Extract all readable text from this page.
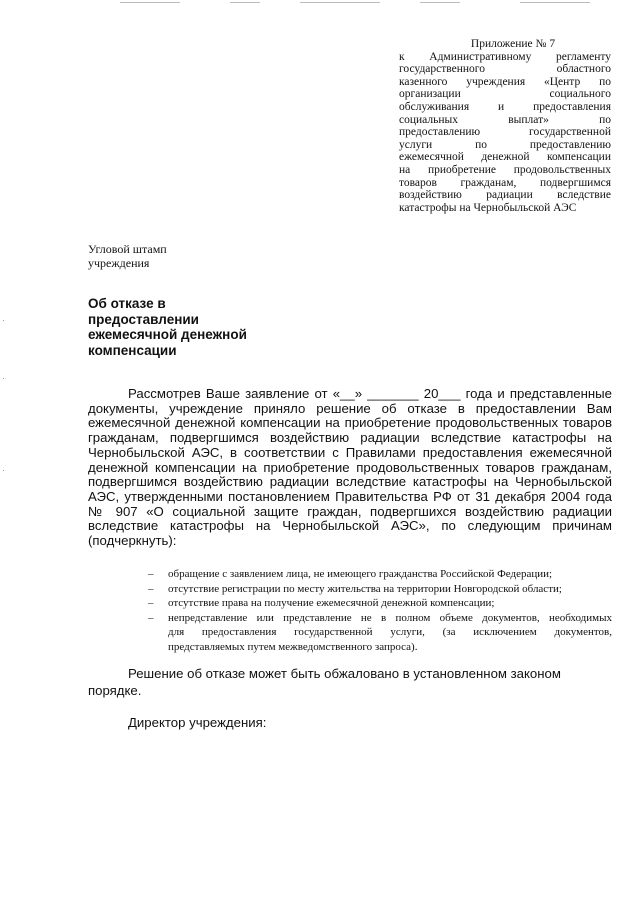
Приложение № 7
к Административному регламенту
государственного областного
казенного учреждения «Центр по
организации социального
обслуживания и предоставления
социальных выплат» по
предоставлению государственной
услуги по предоставлению
ежемесячной денежной компенсации
на приобретение продовольственных
товаров гражданам, подвергшимся
воздействию радиации вследствие
катастрофы на Чернобыльской АЭС
Угловой штамп
учреждения
Об отказе в
предоставлении
ежемесячной денежной
компенсации
Рассмотрев Ваше заявление от «__» _______ 20___ года и представленные
документы, учреждение приняло решение об отказе в предоставлении Вам
ежемесячной денежной компенсации на приобретение продовольственных товаров
гражданам, подвергшимся воздействию радиации вследствие катастрофы на
Чернобыльской АЭС, в соответствии с Правилами предоставления ежемесячной
денежной компенсации на приобретение продовольственных товаров гражданам,
подвергшимся воздействию радиации вследствие катастрофы на Чернобыльской
АЭС, утвержденными постановлением Правительства РФ от 31 декабря 2004 года
№ 907 «О социальной защите граждан, подвергшихся воздействию радиации
вследствие катастрофы на Чернобыльской АЭС», по следующим причинам
(подчеркнуть):
– обращение с заявлением лица, не имеющего гражданства Российской Федерации;
– отсутствие регистрации по месту жительства на территории Новгородской области;
– отсутствие права на получение ежемесячной денежной компенсации;
– непредставление или представление не в полном объеме документов, необходимых
для предоставления государственной услуги, (за исключением документов,
представляемых путем межведомственного запроса).
Решение об отказе может быть обжаловано в установленном законом
порядке.
Директор учреждения:
